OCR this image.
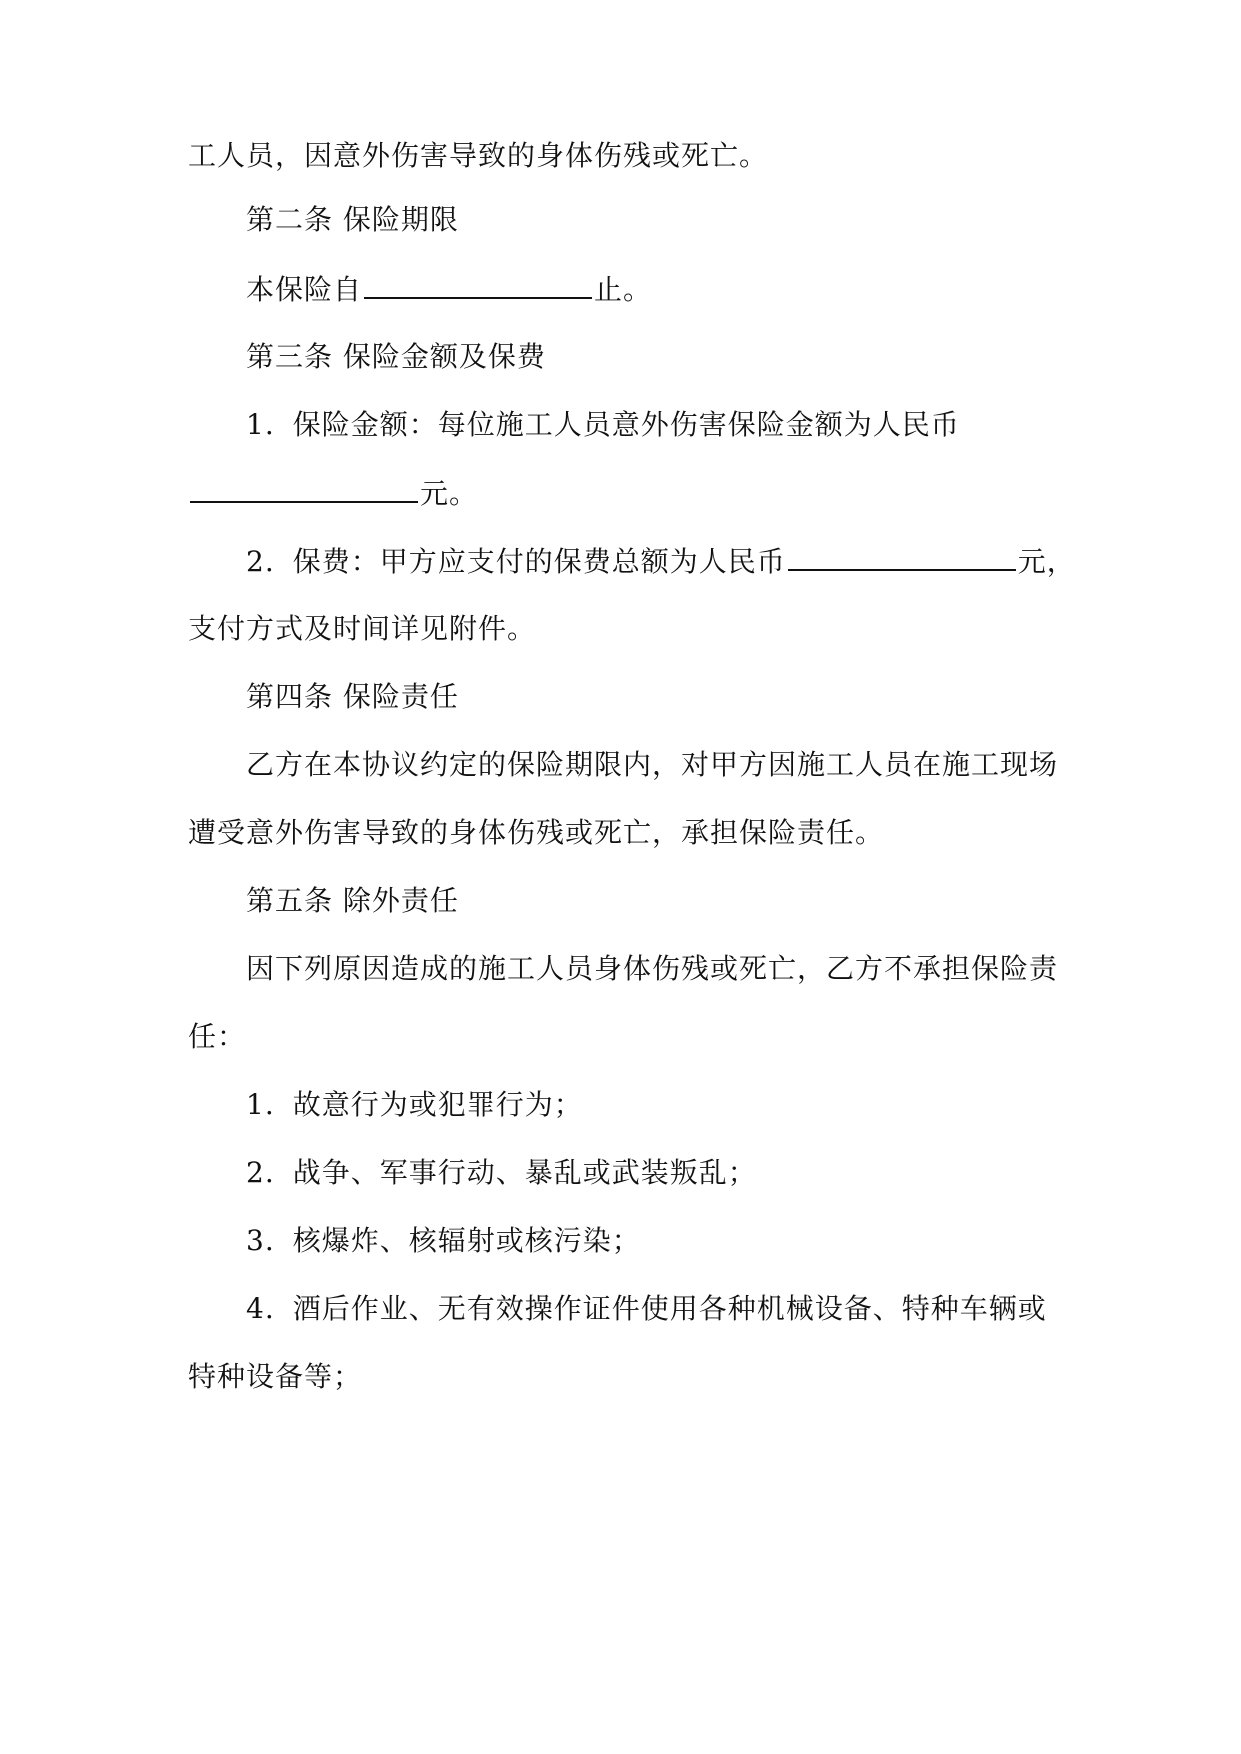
工人员，因意外伤害导致的身体伤残或死亡。
第二条 保险期限
本保险自	止。
第三条 保险金额及保费
1. 保险金额：每位施工人员意外伤害保险金额为人民币
元。
2. 保费：甲方应支付的保费总额为人民币	元，
支付方式及时间详见附件。
第四条 保险责任
乙方在本协议约定的保险期限内，对甲方因施工人员在施工现场
遭受意外伤害导致的身体伤残或死亡，承担保险责任。
第五条 除外责任
因下列原因造成的施工人员身体伤残或死亡，乙方不承担保险责
任：
1. 故意行为或犯罪行为；
2. 战争、军事行动、暴乱或武装叛乱；
3. 核爆炸、核辐射或核污染；
4. 酒后作业、无有效操作证件使用各种机械设备、特种车辆或
特种设备等；
